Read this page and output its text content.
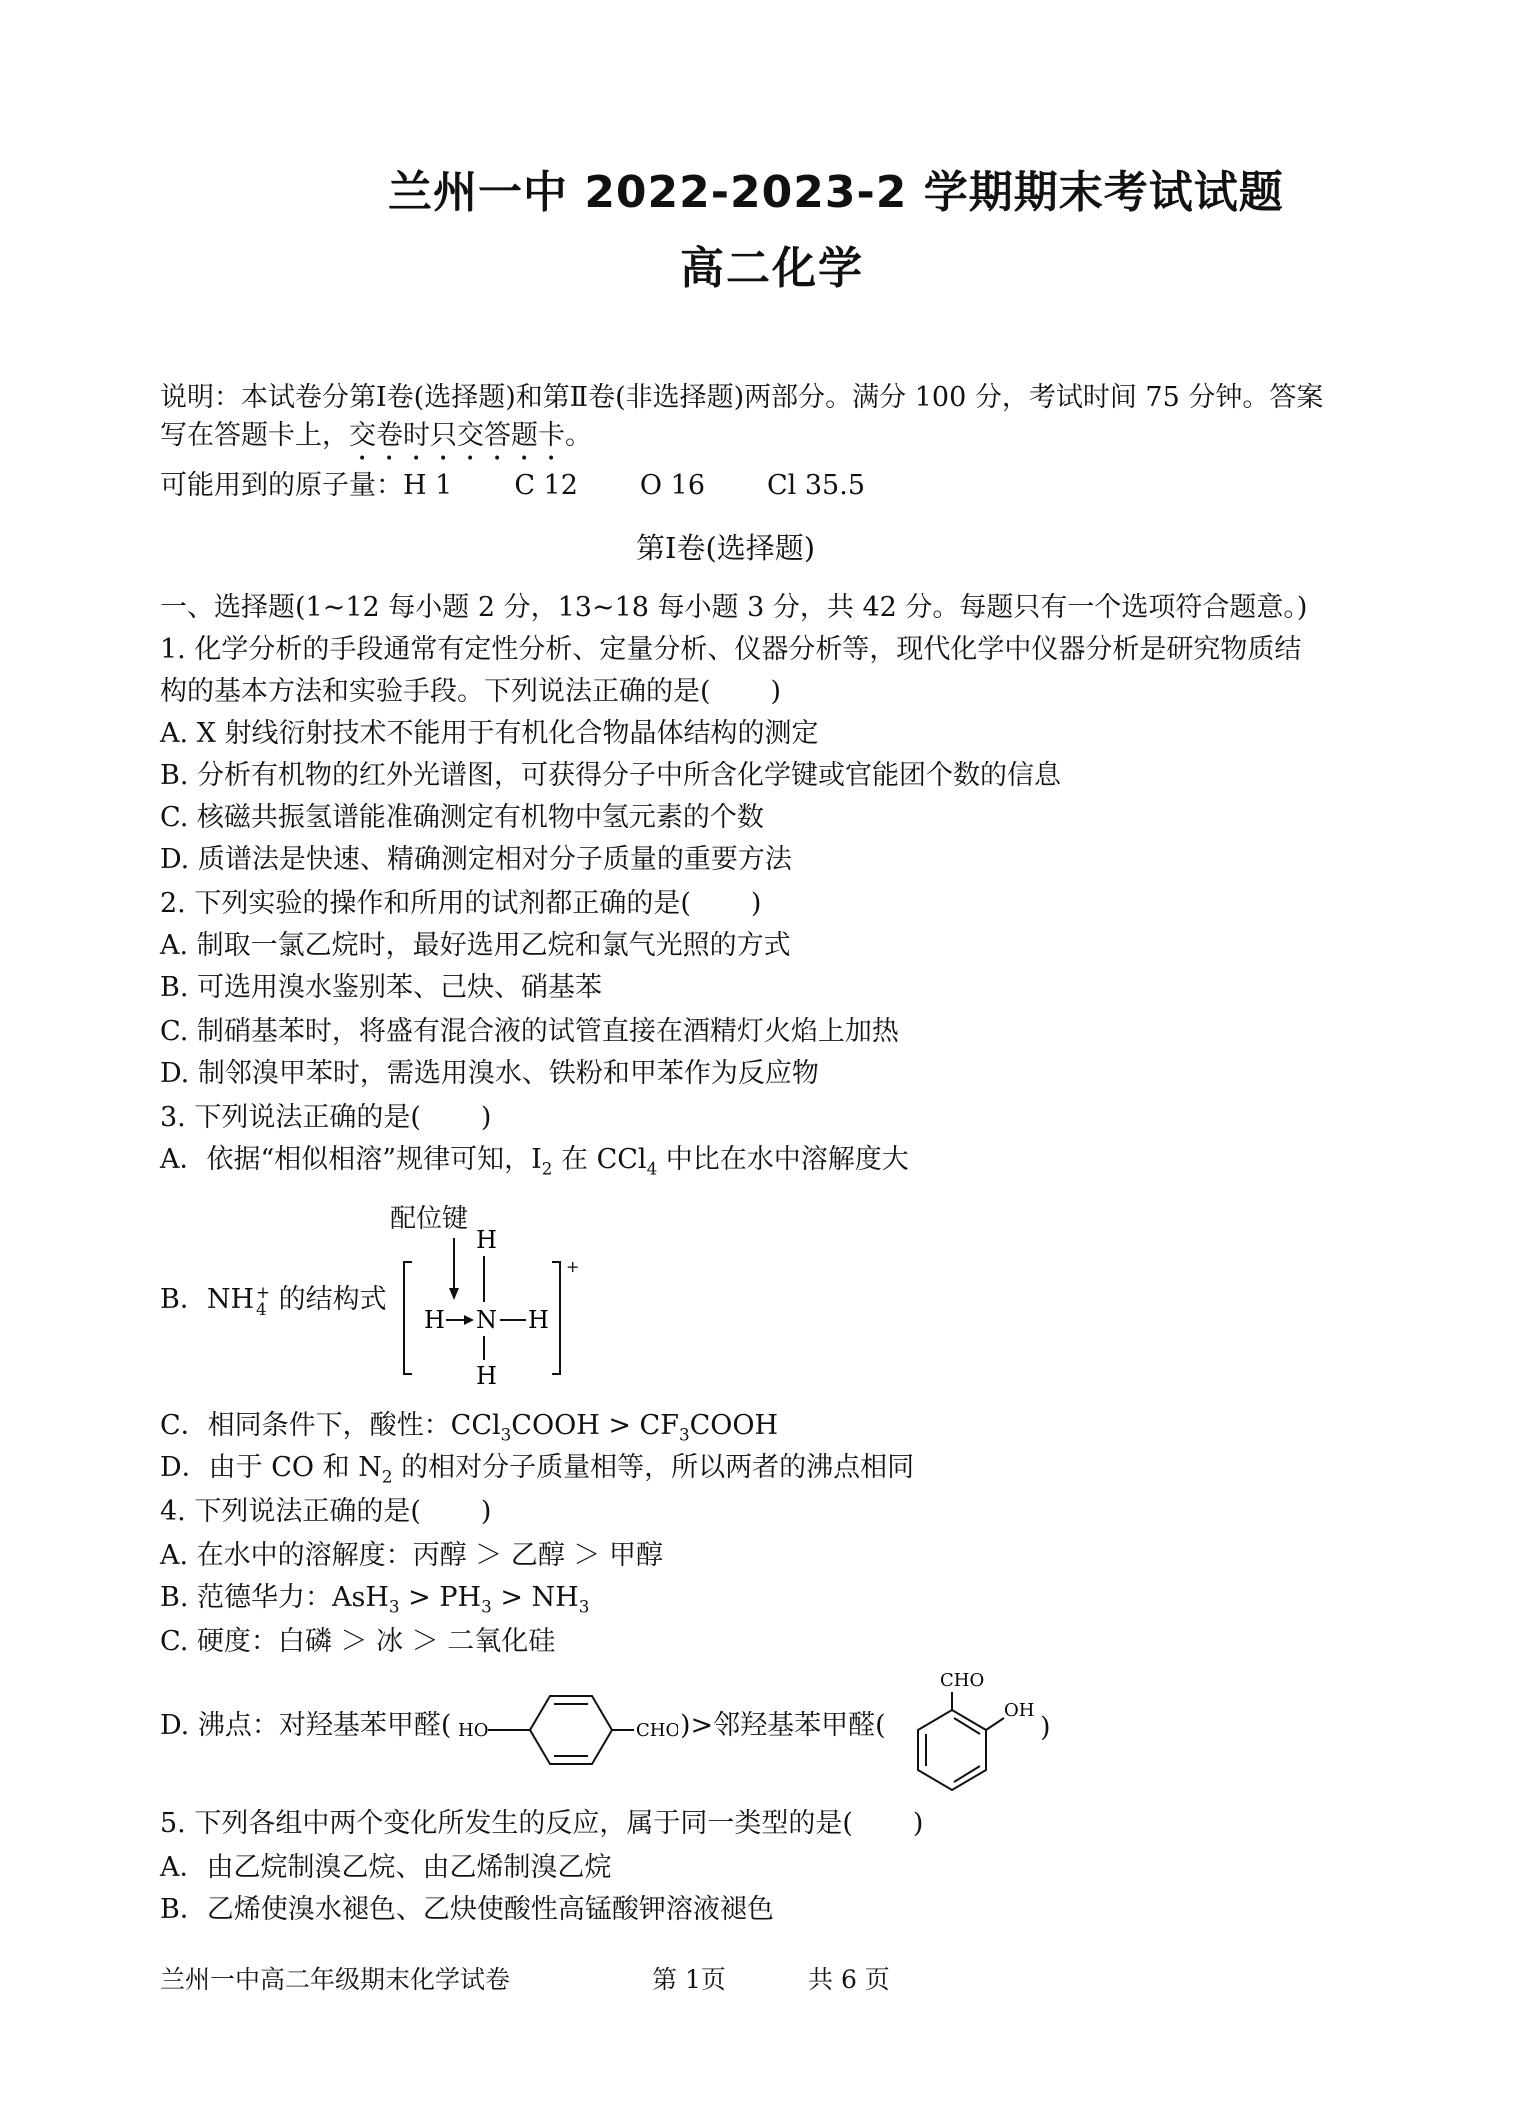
兰州一中 2022-2023-2 学期期末考试试题
高二化学
说明：本试卷分第Ⅰ卷(选择题)和第Ⅱ卷(非选择题)两部分。满分 100 分，考试时间 75 分钟。答案
写在答题卡上，交卷时只交答题卡。
可能用到的原子量：H 1 C 12 O 16 Cl 35.5
第Ⅰ卷(选择题)
一、选择题(1~12 每小题 2 分，13~18 每小题 3 分，共 42 分。每题只有一个选项符合题意。)
1. 化学分析的手段通常有定性分析、定量分析、仪器分析等，现代化学中仪器分析是研究物质结
构的基本方法和实验手段。下列说法正确的是( )
A. X 射线衍射技术不能用于有机化合物晶体结构的测定
B. 分析有机物的红外光谱图，可获得分子中所含化学键或官能团个数的信息
C. 核磁共振氢谱能准确测定有机物中氢元素的个数
D. 质谱法是快速、精确测定相对分子质量的重要方法
2. 下列实验的操作和所用的试剂都正确的是( )
A. 制取一氯乙烷时，最好选用乙烷和氯气光照的方式
B. 可选用溴水鉴别苯、己炔、硝基苯
C. 制硝基苯时，将盛有混合液的试管直接在酒精灯火焰上加热
D. 制邻溴甲苯时，需选用溴水、铁粉和甲苯作为反应物
3. 下列说法正确的是( )
A．依据“相似相溶”规律可知，$I_2$ 在 CCl$_4$ 中比在水中溶解度大
B．NH +
4 的结构式
配位键
+
H
H N H
H
C．相同条件下，酸性：CCl$_3$COOH > $CF_3COOH$
D．由于 CO 和 $N_2$ 的相对分子质量相等，所以两者的沸点相同
4. 下列说法正确的是( )
A. 在水中的溶解度：丙醇 ＞ 乙醇 ＞ 甲醇
B. 范德华力：$AsH_3 > PH_3 > NH_3$
C. 硬度：白磷 ＞ 冰 ＞ 二氧化硅
D. 沸点：对羟基苯甲醛( HO	CHO )>邻羟基苯甲醛(
CHO
OH
)
5. 下列各组中两个变化所发生的反应，属于同一类型的是( )
A．由乙烷制溴乙烷、由乙烯制溴乙烷
B．乙烯使溴水褪色、乙炔使酸性高锰酸钾溶液褪色
兰州一中高二年级期末化学试卷	第 1页	共 6 页
